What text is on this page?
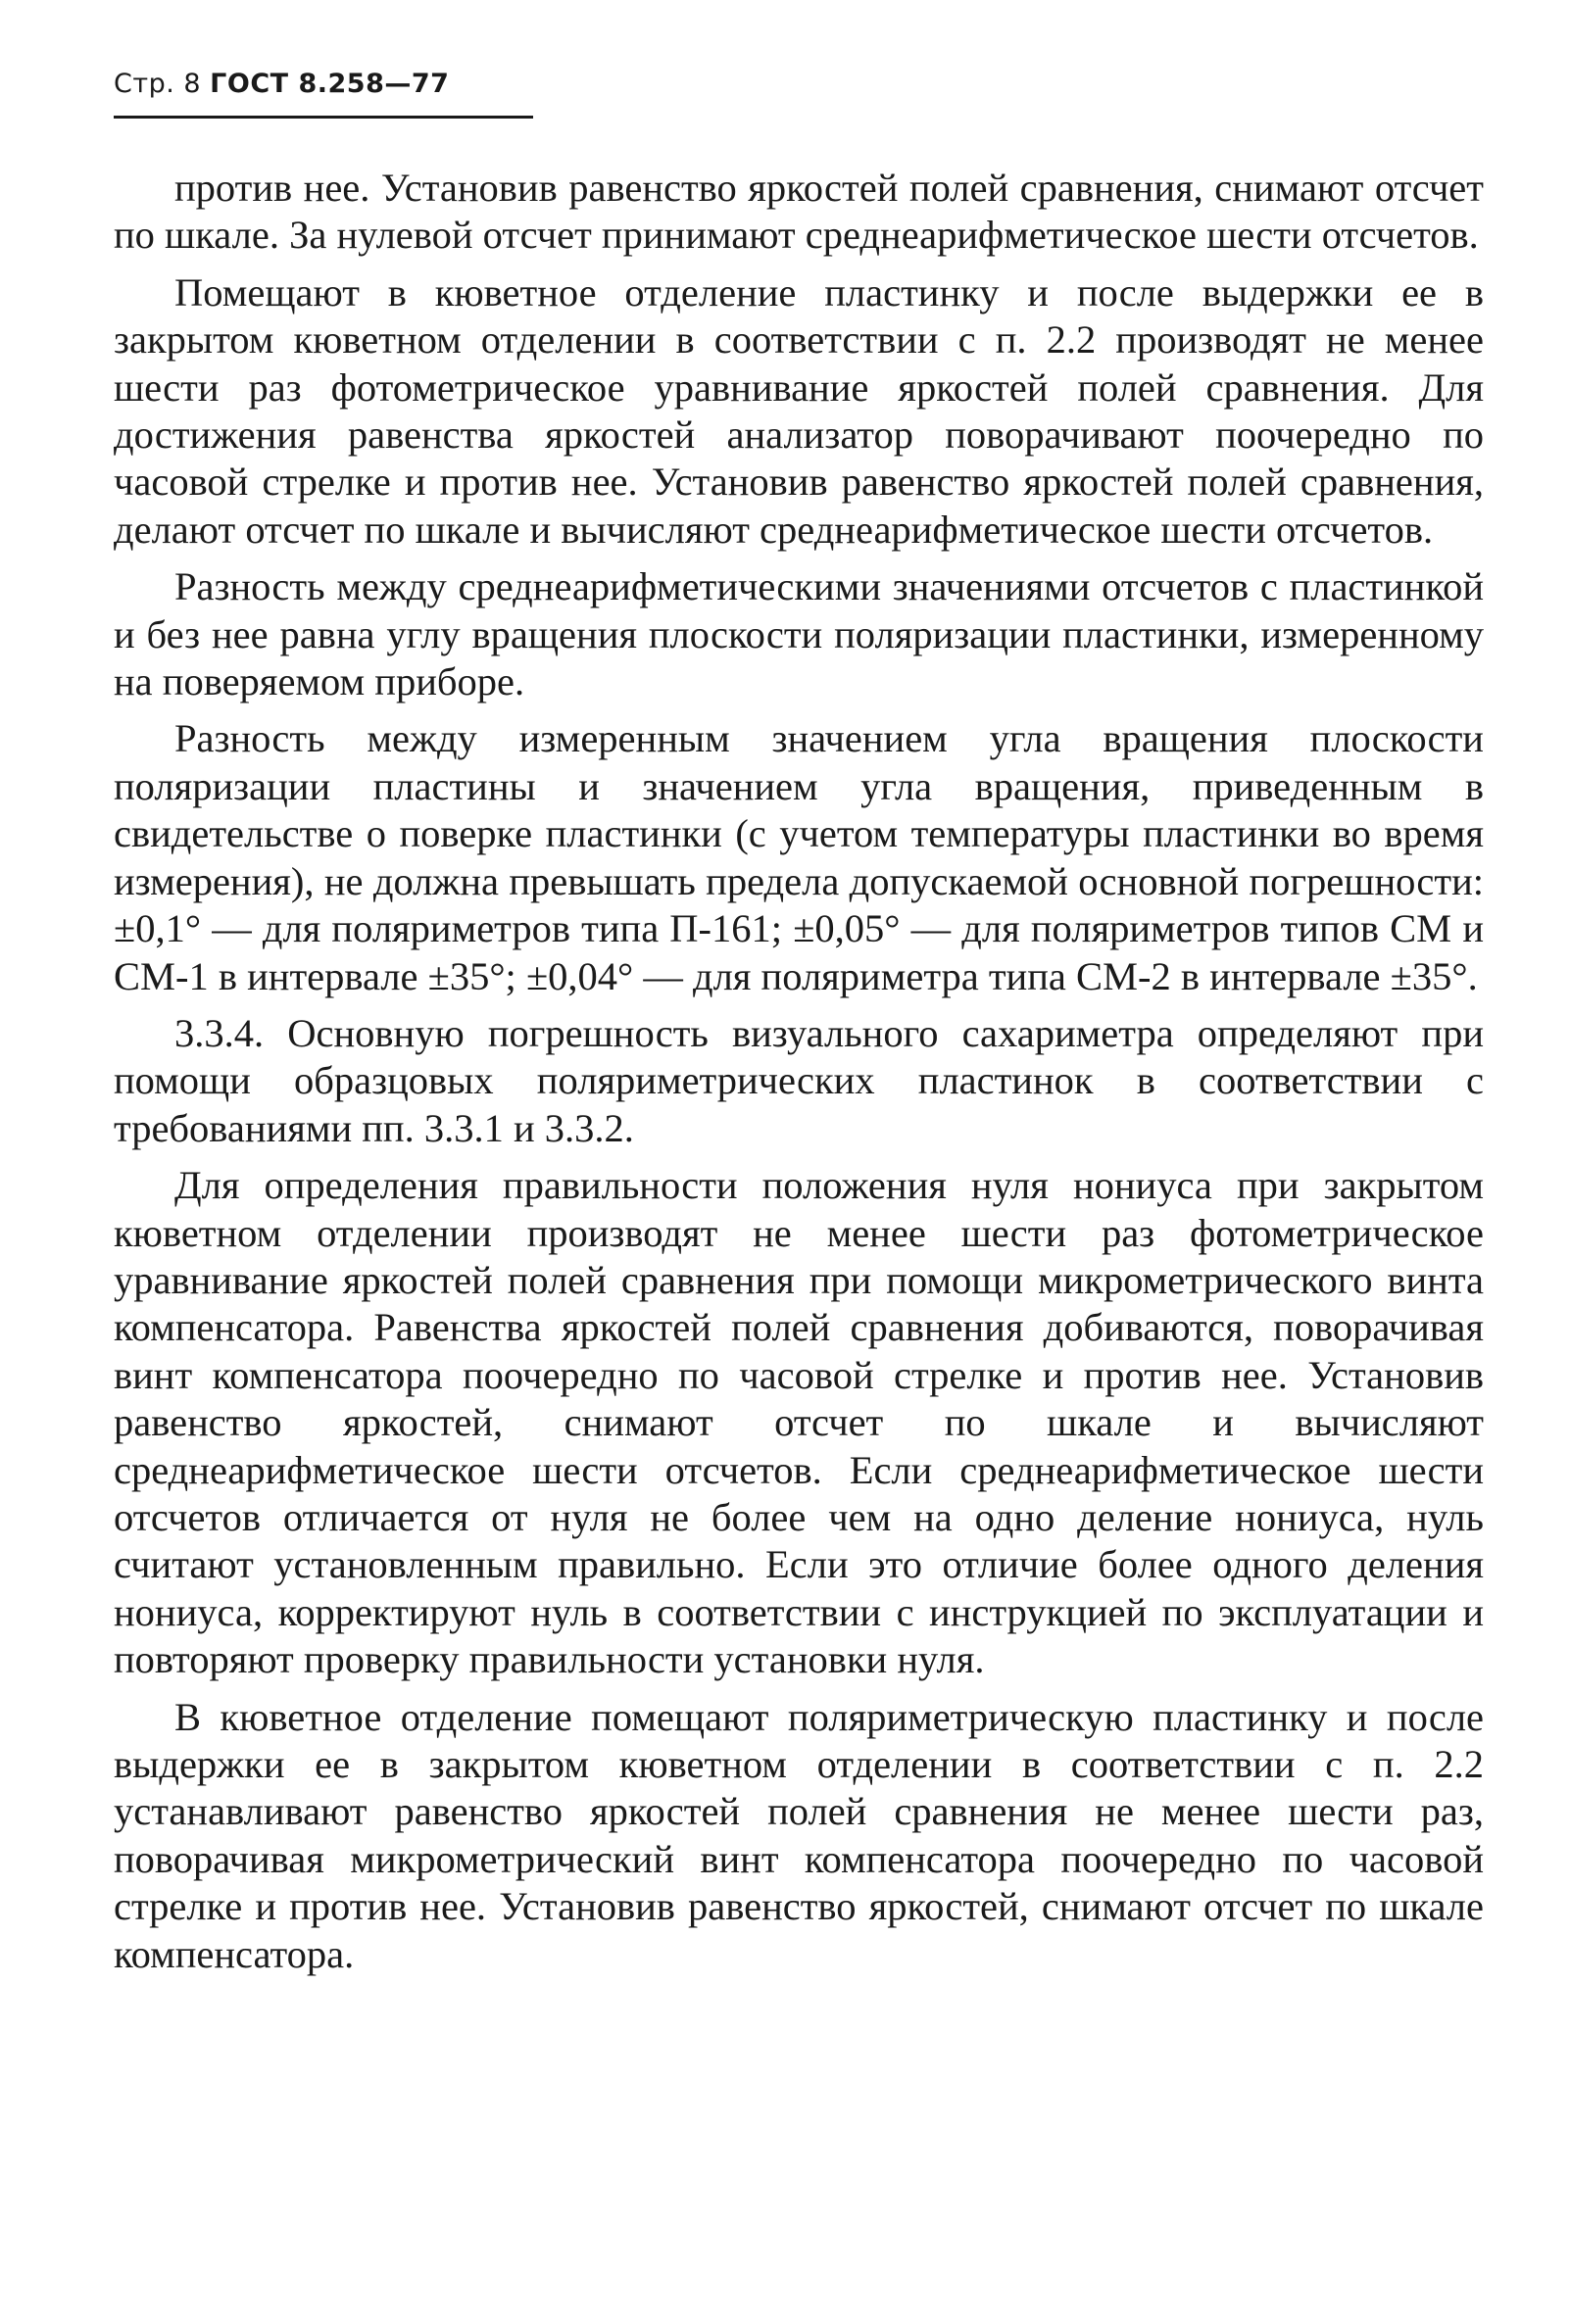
Стр. 8 ГОСТ 8.258—77

против нее. Установив равенство яркостей полей сравнения, снимают отсчет по шкале. За нулевой отсчет принимают среднеарифметическое шести отсчетов.

Помещают в кюветное отделение пластинку и после выдержки ее в закрытом кюветном отделении в соответствии с п. 2.2 производят не менее шести раз фотометрическое уравнивание яркостей полей сравнения. Для достижения равенства яркостей анализатор поворачивают поочередно по часовой стрелке и против нее. Установив равенство яркостей полей сравнения, делают отсчет по шкале и вычисляют среднеарифметическое шести отсчетов.

Разность между среднеарифметическими значениями отсчетов с пластинкой и без нее равна углу вращения плоскости поляризации пластинки, измеренному на поверяемом приборе.

Разность между измеренным значением угла вращения плоскости поляризации пластины и значением угла вращения, приведенным в свидетельстве о поверке пластинки (с учетом температуры пластинки во время измерения), не должна превышать предела допускаемой основной погрешности: ±0,1° — для поляриметров типа П-161; ±0,05° — для поляриметров типов СМ и СМ-1 в интервале ±35°; ±0,04° — для поляриметра типа СМ-2 в интервале ±35°.

3.3.4. Основную погрешность визуального сахариметра определяют при помощи образцовых поляриметрических пластинок в соответствии с требованиями пп. 3.3.1 и 3.3.2.

Для определения правильности положения нуля нониуса при закрытом кюветном отделении производят не менее шести раз фотометрическое уравнивание яркостей полей сравнения при помощи микрометрического винта компенсатора. Равенства яркостей полей сравнения добиваются, поворачивая винт компенсатора поочередно по часовой стрелке и против нее. Установив равенство яркостей, снимают отсчет по шкале и вычисляют среднеарифметическое шести отсчетов. Если среднеарифметическое шести отсчетов отличается от нуля не более чем на одно деление нониуса, нуль считают установленным правильно. Если это отличие более одного деления нониуса, корректируют нуль в соответствии с инструкцией по эксплуатации и повторяют проверку правильности установки нуля.

В кюветное отделение помещают поляриметрическую пластинку и после выдержки ее в закрытом кюветном отделении в соответствии с п. 2.2 устанавливают равенство яркостей полей сравнения не менее шести раз, поворачивая микрометрический винт компенсатора поочередно по часовой стрелке и против нее. Установив равенство яркостей, снимают отсчет по шкале компенсатора.
